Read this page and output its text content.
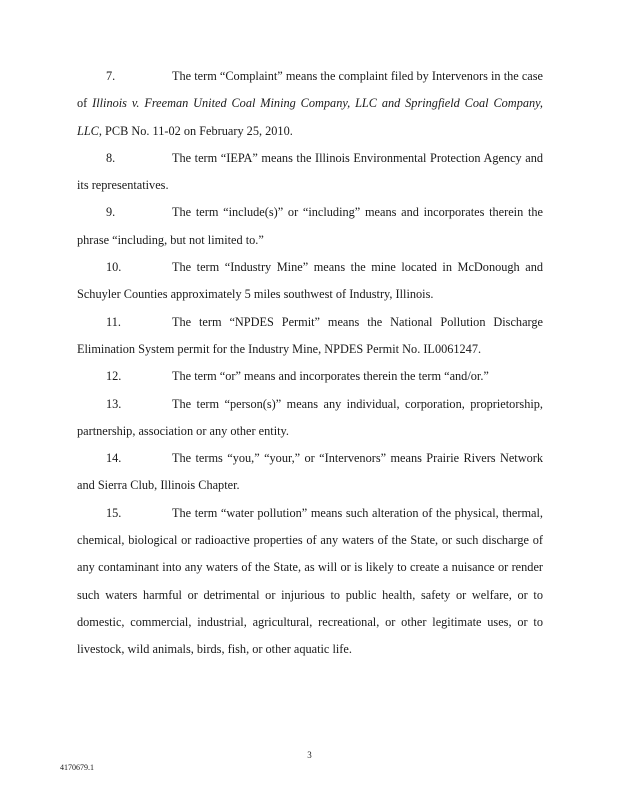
7.	The term “Complaint” means the complaint filed by Intervenors in the case of Illinois v. Freeman United Coal Mining Company, LLC and Springfield Coal Company, LLC, PCB No. 11-02 on February 25, 2010.

8.	The term “IEPA” means the Illinois Environmental Protection Agency and its representatives.

9.	The term “include(s)” or “including” means and incorporates therein the phrase “including, but not limited to.”

10.	The term “Industry Mine” means the mine located in McDonough and Schuyler Counties approximately 5 miles southwest of Industry, Illinois.

11.	The term “NPDES Permit” means the National Pollution Discharge Elimination System permit for the Industry Mine, NPDES Permit No. IL0061247.

12.	The term “or” means and incorporates therein the term “and/or.”

13.	The term “person(s)” means any individual, corporation, proprietorship, partnership, association or any other entity.

14.	The terms “you,” “your,” or “Intervenors” means Prairie Rivers Network and Sierra Club, Illinois Chapter.

15.	The term “water pollution” means such alteration of the physical, thermal, chemical, biological or radioactive properties of any waters of the State, or such discharge of any contaminant into any waters of the State, as will or is likely to create a nuisance or render such waters harmful or detrimental or injurious to public health, safety or welfare, or to domestic, commercial, industrial, agricultural, recreational, or other legitimate uses, or to livestock, wild animals, birds, fish, or other aquatic life.

3
4170679.1
